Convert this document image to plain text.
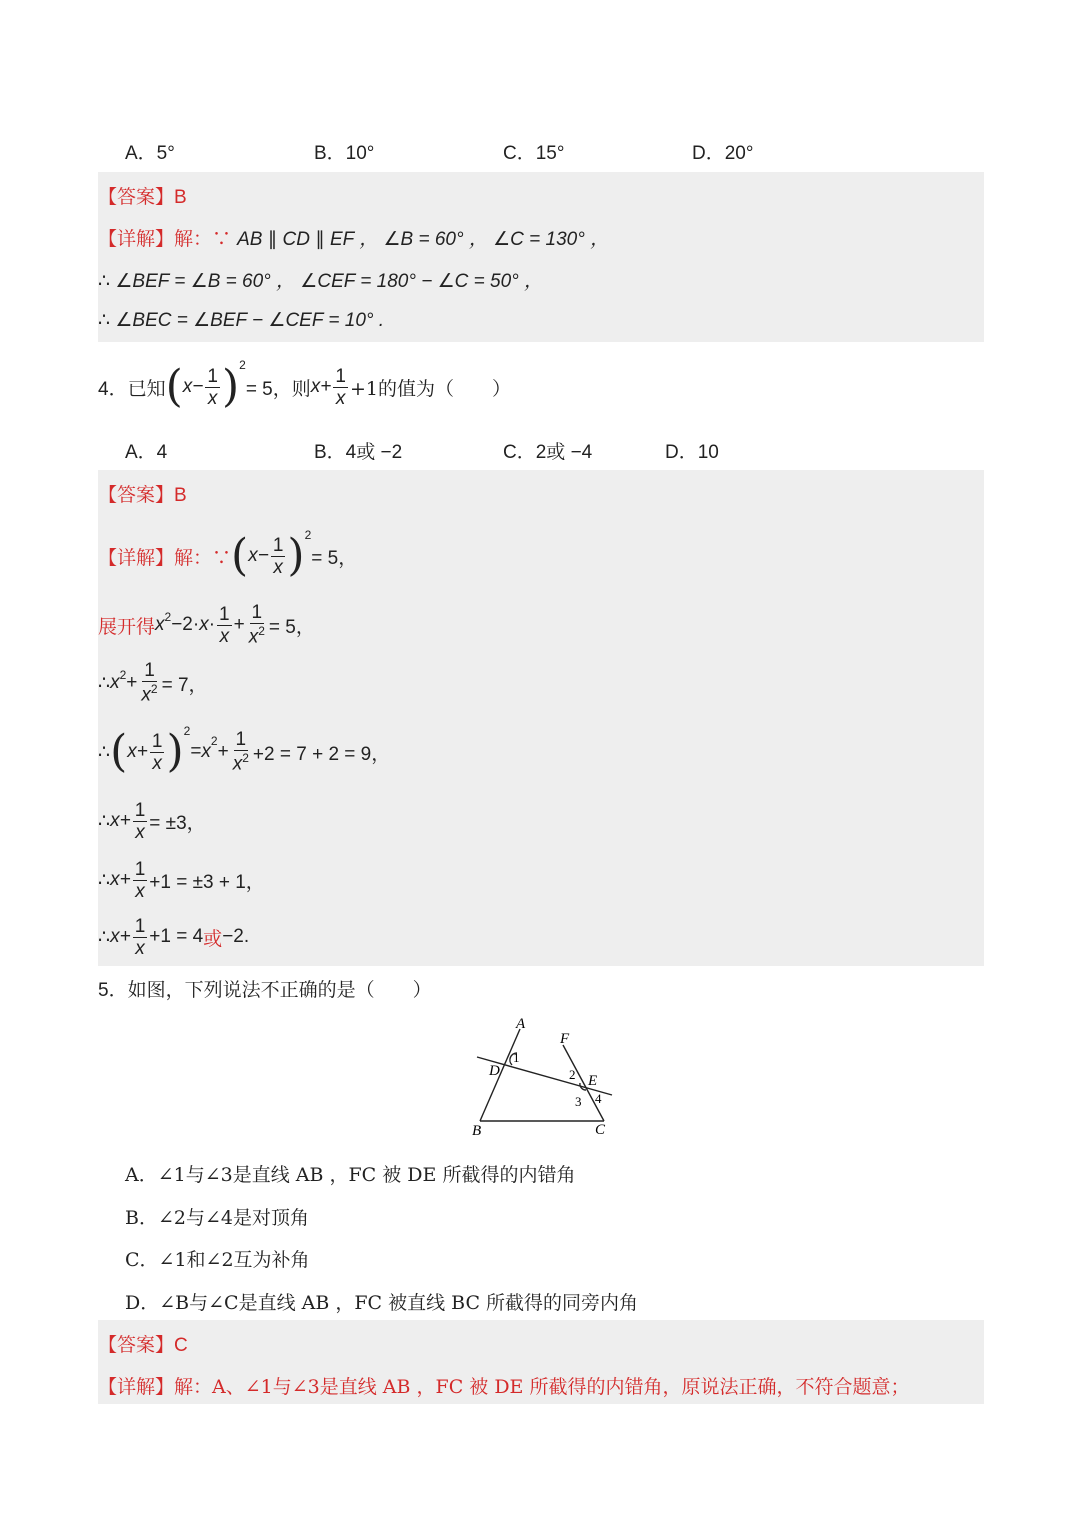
A．5°	B．10°	C．15°	D．20°
【答案】B
【详解】解：∵ AB ∥ CD ∥ EF ， ∠B = 60° ， ∠C = 130° ，
∴ ∠BEF = ∠B = 60° ， ∠CEF = 180° − ∠C = 50° ，
∴ ∠BEC = ∠BEF − ∠CEF = 10° .
4． 已知 ( $x- \frac{1}{x} )^2$
= 5，则 $x+ \frac{1}{x} +1$的值为（　　）
A．4	B．4或 −2	C．2或 −4	D．10
【答案】B
【详解】 解：∵ ( $x- \frac{1}{x} )^2$
= 5，
展开得 $x^2 -2\cdot x \cdot \frac{1}{x} + \frac{1}{x^2} = 5$，
∴ $x^2 + \frac{1}{x^2} = 7$，
∴ ( $x+ \frac{1}{x} )^2$
= $x^2 + \frac{1}{x^2} +2 = 7 + 2 = 9$，
∴ $x+ \frac{1}{x} = \pm 3$，
∴ $x+ \frac{1}{x} +1 = \pm 3 + 1$，
∴ $x+ \frac{1}{x} +1 = 4$ 或 −2.
5．如图，下列说法不正确的是（　　）
A
F
D
E
B	C
1
2
3 4
A．∠1与∠3是直线 AB ，FC 被 DE 所截得的内错角
B．∠2与∠4是对顶角
C．∠1和∠2互为补角
D．∠B与∠C是直线 AB ，FC 被直线 BC 所截得的同旁内角
【答案】C
【详解】解：A、∠1与∠3是直线 AB ，FC 被 DE 所截得的内错角，原说法正确，不符合题意；
